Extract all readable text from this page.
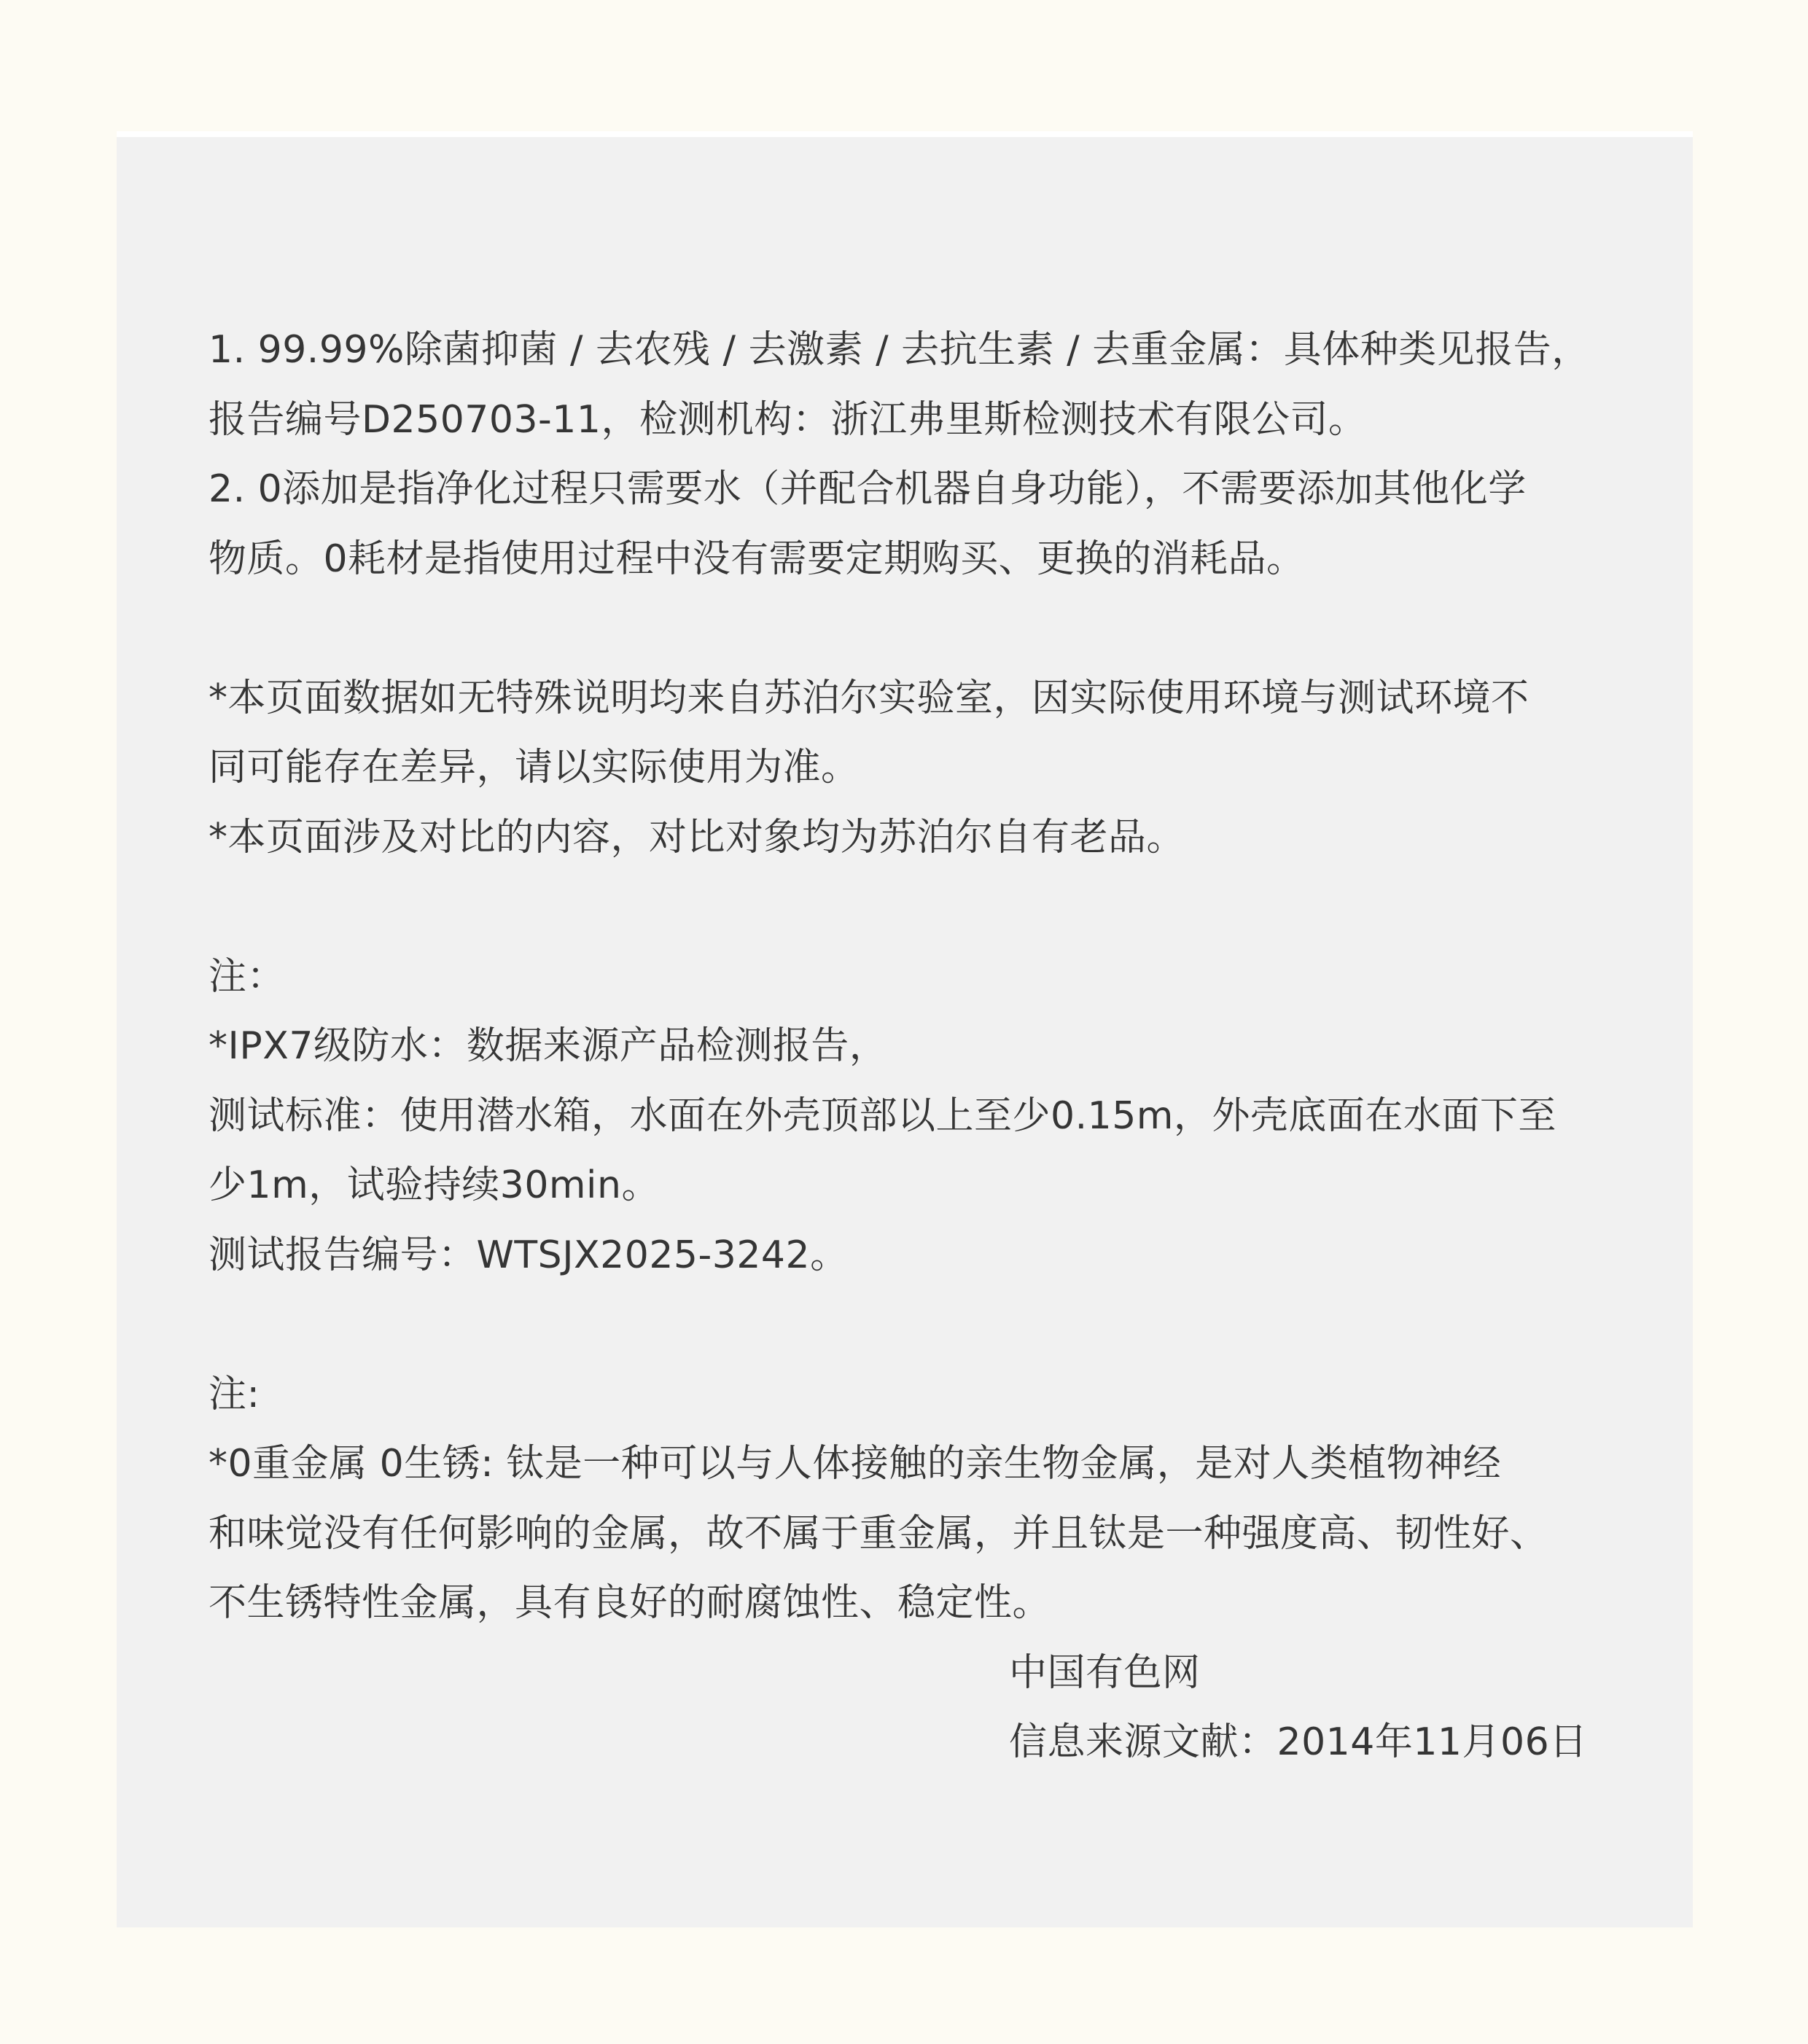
1. 99.99%除菌抑菌 / 去农残 / 去激素 / 去抗生素 / 去重金属：具体种类见报告，
报告编号D250703-11，检测机构：浙江弗里斯检测技术有限公司。
2. 0添加是指净化过程只需要水（并配合机器自身功能），不需要添加其他化学
物质。0耗材是指使用过程中没有需要定期购买、更换的消耗品。
*本页面数据如无特殊说明均来自苏泊尔实验室，因实际使用环境与测试环境不
同可能存在差异，请以实际使用为准。
*本页面涉及对比的内容，对比对象均为苏泊尔自有老品。
注：
*IPX7级防水：数据来源产品检测报告，
测试标准：使用潜水箱，水面在外壳顶部以上至少0.15m，外壳底面在水面下至
少1m，试验持续30min。
测试报告编号：WTSJX2025-3242。
注:
*0重金属 0生锈: 钛是一种可以与人体接触的亲生物金属，是对人类植物神经
和味觉没有任何影响的金属，故不属于重金属，并且钛是一种强度高、韧性好、
不生锈特性金属，具有良好的耐腐蚀性、稳定性。
中国有色网
信息来源文献：2014年11月06日
